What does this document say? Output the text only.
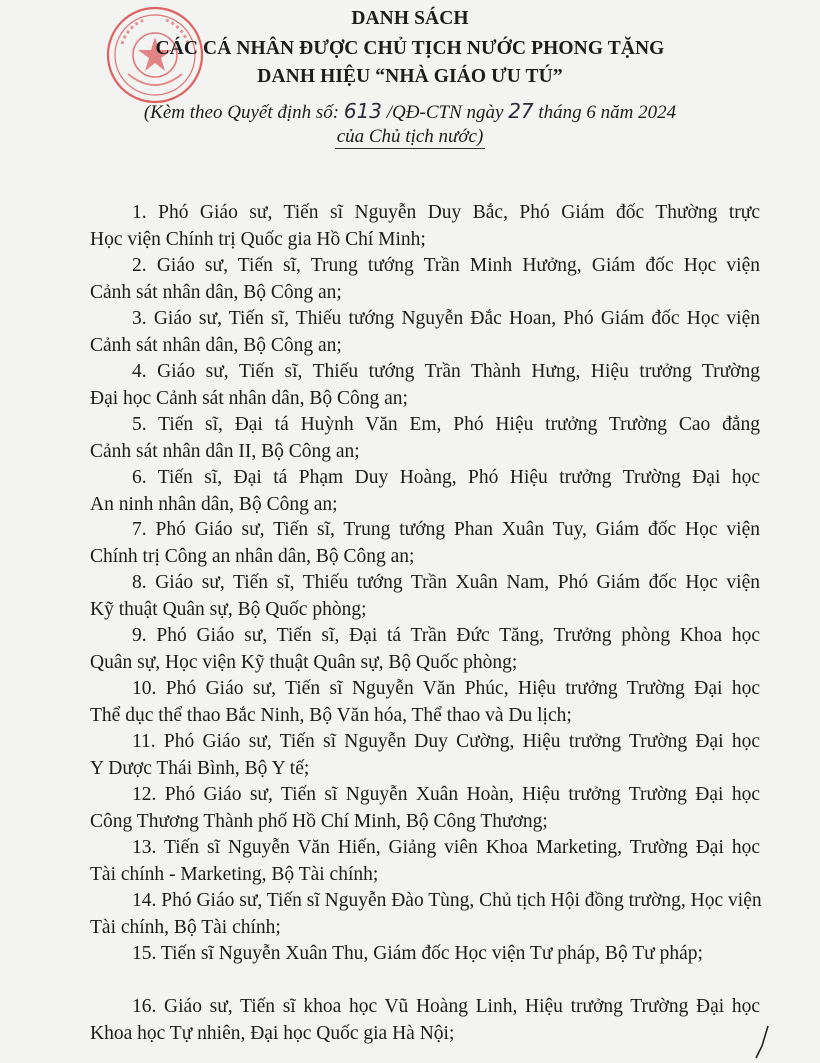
DANH SÁCH
CÁC CÁ NHÂN ĐƯỢC CHỦ TỊCH NƯỚC PHONG TẶNG
DANH HIỆU “NHÀ GIÁO ƯU TÚ”
(Kèm theo Quyết định số: 613 /QĐ-CTN ngày 27 tháng 6 năm 2024
của Chủ tịch nước)
1. Phó Giáo sư, Tiến sĩ Nguyễn Duy Bắc, Phó Giám đốc Thường trực
Học viện Chính trị Quốc gia Hồ Chí Minh;
2. Giáo sư, Tiến sĩ, Trung tướng Trần Minh Hưởng, Giám đốc Học viện
Cảnh sát nhân dân, Bộ Công an;
3. Giáo sư, Tiến sĩ, Thiếu tướng Nguyễn Đắc Hoan, Phó Giám đốc Học viện
Cảnh sát nhân dân, Bộ Công an;
4. Giáo sư, Tiến sĩ, Thiếu tướng Trần Thành Hưng, Hiệu trưởng Trường
Đại học Cảnh sát nhân dân, Bộ Công an;
5. Tiến sĩ, Đại tá Huỳnh Văn Em, Phó Hiệu trưởng Trường Cao đẳng
Cảnh sát nhân dân II, Bộ Công an;
6. Tiến sĩ, Đại tá Phạm Duy Hoàng, Phó Hiệu trưởng Trường Đại học
An ninh nhân dân, Bộ Công an;
7. Phó Giáo sư, Tiến sĩ, Trung tướng Phan Xuân Tuy, Giám đốc Học viện
Chính trị Công an nhân dân, Bộ Công an;
8. Giáo sư, Tiến sĩ, Thiếu tướng Trần Xuân Nam, Phó Giám đốc Học viện
Kỹ thuật Quân sự, Bộ Quốc phòng;
9. Phó Giáo sư, Tiến sĩ, Đại tá Trần Đức Tăng, Trưởng phòng Khoa học
Quân sự, Học viện Kỹ thuật Quân sự, Bộ Quốc phòng;
10. Phó Giáo sư, Tiến sĩ Nguyễn Văn Phúc, Hiệu trưởng Trường Đại học
Thể dục thể thao Bắc Ninh, Bộ Văn hóa, Thể thao và Du lịch;
11. Phó Giáo sư, Tiến sĩ Nguyễn Duy Cường, Hiệu trưởng Trường Đại học
Y Dược Thái Bình, Bộ Y tế;
12. Phó Giáo sư, Tiến sĩ Nguyễn Xuân Hoàn, Hiệu trưởng Trường Đại học
Công Thương Thành phố Hồ Chí Minh, Bộ Công Thương;
13. Tiến sĩ Nguyễn Văn Hiến, Giảng viên Khoa Marketing, Trường Đại học
Tài chính - Marketing, Bộ Tài chính;
14. Phó Giáo sư, Tiến sĩ Nguyễn Đào Tùng, Chủ tịch Hội đồng trường, Học viện
Tài chính, Bộ Tài chính;
15. Tiến sĩ Nguyễn Xuân Thu, Giám đốc Học viện Tư pháp, Bộ Tư pháp;
16. Giáo sư, Tiến sĩ khoa học Vũ Hoàng Linh, Hiệu trưởng Trường Đại học
Khoa học Tự nhiên, Đại học Quốc gia Hà Nội;
